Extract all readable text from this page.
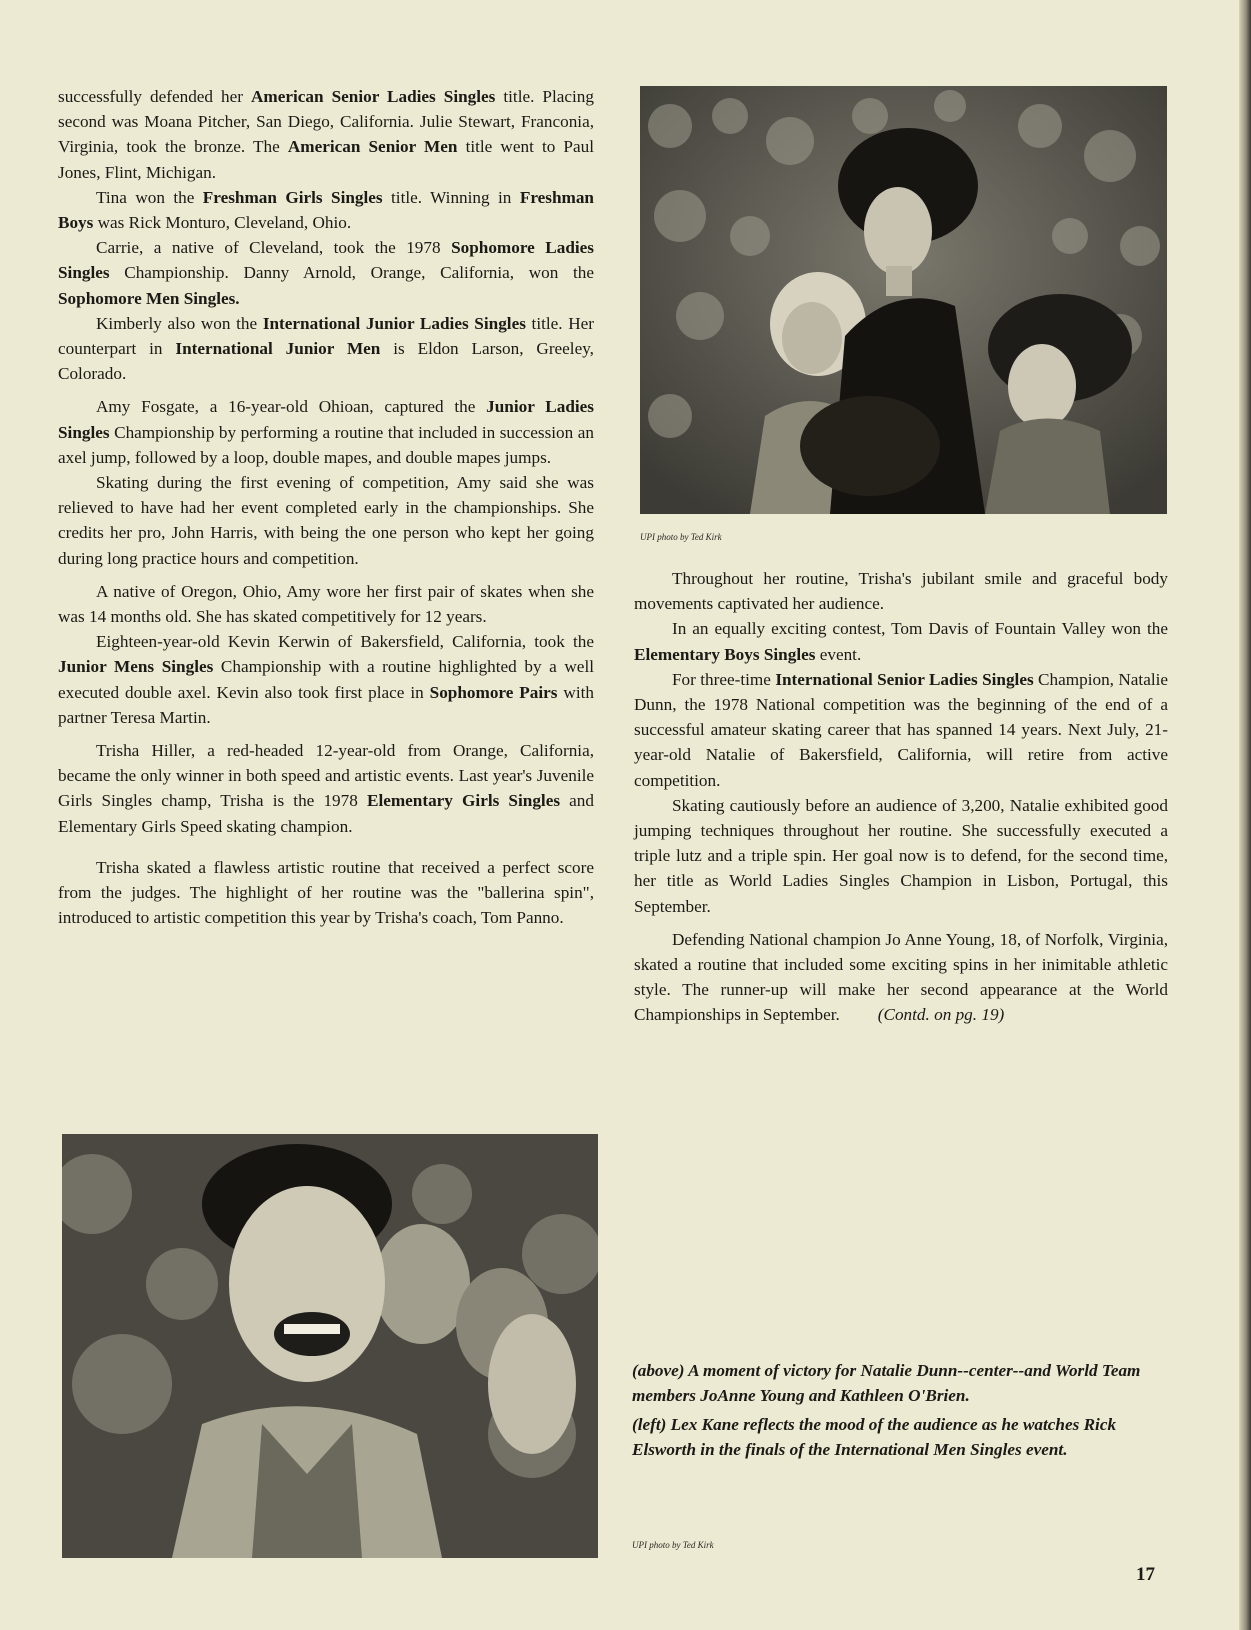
successfully defended her American Senior Ladies Singles title. Placing second was Moana Pitcher, San Diego, California. Julie Stewart, Franconia, Virginia, took the bronze. The American Senior Men title went to Paul Jones, Flint, Michigan.

Tina won the Freshman Girls Singles title. Winning in Freshman Boys was Rick Monturo, Cleveland, Ohio.

Carrie, a native of Cleveland, took the 1978 Sophomore Ladies Singles Championship. Danny Arnold, Orange, California, won the Sophomore Men Singles.

Kimberly also won the International Junior Ladies Singles title. Her counterpart in International Junior Men is Eldon Larson, Greeley, Colorado.

Amy Fosgate, a 16-year-old Ohioan, captured the Junior Ladies Singles Championship by performing a routine that included in succession an axel jump, followed by a loop, double mapes, and double mapes jumps.

Skating during the first evening of competition, Amy said she was relieved to have had her event completed early in the championships. She credits her pro, John Harris, with being the one person who kept her going during long practice hours and competition.

A native of Oregon, Ohio, Amy wore her first pair of skates when she was 14 months old. She has skated competitively for 12 years.

Eighteen-year-old Kevin Kerwin of Bakersfield, California, took the Junior Mens Singles Championship with a routine highlighted by a well executed double axel. Kevin also took first place in Sophomore Pairs with partner Teresa Martin.

Trisha Hiller, a red-headed 12-year-old from Orange, California, became the only winner in both speed and artistic events. Last year's Juvenile Girls Singles champ, Trisha is the 1978 Elementary Girls Singles and Elementary Girls Speed skating champion.

Trisha skated a flawless artistic routine that received a perfect score from the judges. The highlight of her routine was the "ballerina spin", introduced to artistic competition this year by Trisha's coach, Tom Panno.

UPI photo by Ted Kirk

Throughout her routine, Trisha's jubilant smile and graceful body movements captivated her audience.

In an equally exciting contest, Tom Davis of Fountain Valley won the Elementary Boys Singles event.

For three-time International Senior Ladies Singles Champion, Natalie Dunn, the 1978 National competition was the beginning of the end of a successful amateur skating career that has spanned 14 years. Next July, 21-year-old Natalie of Bakersfield, California, will retire from active competition.

Skating cautiously before an audience of 3,200, Natalie exhibited good jumping techniques throughout her routine. She successfully executed a triple lutz and a triple spin. Her goal now is to defend, for the second time, her title as World Ladies Singles Champion in Lisbon, Portugal, this September.

Defending National champion Jo Anne Young, 18, of Norfolk, Virginia, skated a routine that included some exciting spins in her inimitable athletic style. The runner-up will make her second appearance at the World Championships in September. (Contd. on pg. 19)

(above) A moment of victory for Natalie Dunn--center--and World Team members JoAnne Young and Kathleen O'Brien.

(left) Lex Kane reflects the mood of the audience as he watches Rick Elsworth in the finals of the International Men Singles event.

UPI photo by Ted Kirk
17
